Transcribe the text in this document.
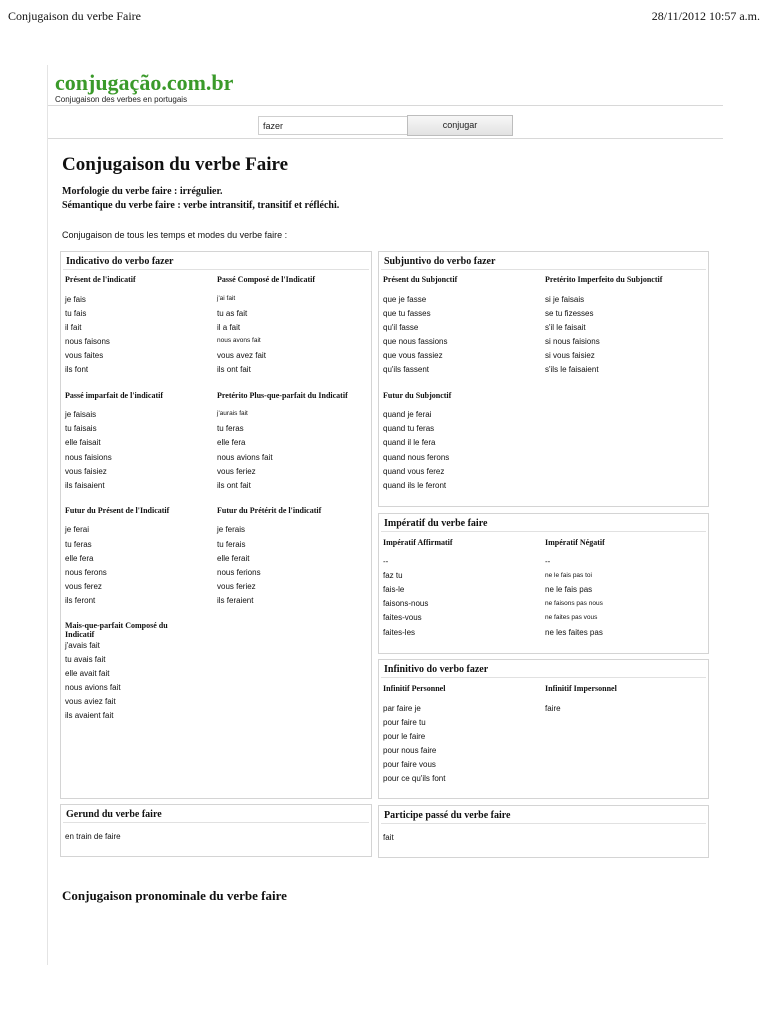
Conjugaison du verbe Faire	28/11/2012 10:57 a.m.
conjugação.com.br
Conjugaison des verbes en portugais
fazer
conjugar
Conjugaison du verbe Faire
Morfologie du verbe faire : irrégulier.
Sémantique du verbe faire : verbe intransitif, transitif et réfléchi.
Conjugaison de tous les temps et modes du verbe faire :
Indicativo do verbo fazer
Présent de l'indicatif
je fais
tu fais
il fait
nous faisons
vous faites
ils font
Passé Composé de l'Indicatif
j'ai fait
tu as fait
il a fait
nous avons fait
vous avez fait
ils ont fait
Passé imparfait de l'indicatif
je faisais
tu faisais
elle faisait
nous faisions
vous faisiez
ils faisaient
Pretérito Plus-que-parfait du Indicatif
j'aurais fait
tu feras
elle fera
nous avions fait
vous feriez
ils ont fait
Futur du Présent de l'Indicatif
je ferai
tu feras
elle fera
nous ferons
vous ferez
ils feront
Futur du Prétérit de l'indicatif
je ferais
tu ferais
elle ferait
nous ferions
vous feriez
ils feraient
Mais-que-parfait Composé du Indicatif
j'avais fait
tu avais fait
elle avait fait
nous avions fait
vous aviez fait
ils avaient fait
Subjuntivo do verbo fazer
Présent du Subjonctif
que je fasse
que tu fasses
qu'il fasse
que nous fassions
que vous fassiez
qu'ils fassent
Pretérito Imperfeito du Subjonctif
si je faisais
se tu fizesses
s'il le faisait
si nous faisions
si vous faisiez
s'ils le faisaient
Futur du Subjonctif
quand je ferai
quand tu feras
quand il le fera
quand nous ferons
quand vous ferez
quand ils le feront
Impératif du verbe faire
Impératif Affirmatif
--
faz tu
fais-le
faisons-nous
faites-vous
faites-les
Impératif Négatif
--
ne le fais pas toi
ne le fais pas
ne faisons pas nous
ne faites pas vous
ne les faites pas
Infinitivo do verbo fazer
Infinitif Personnel
par faire je
pour faire tu
pour le faire
pour nous faire
pour faire vous
pour ce qu'ils font
Infinitif Impersonnel
faire
Gerund du verbe faire
en train de faire
Participe passé du verbe faire
fait
Conjugaison pronominale du verbe faire
